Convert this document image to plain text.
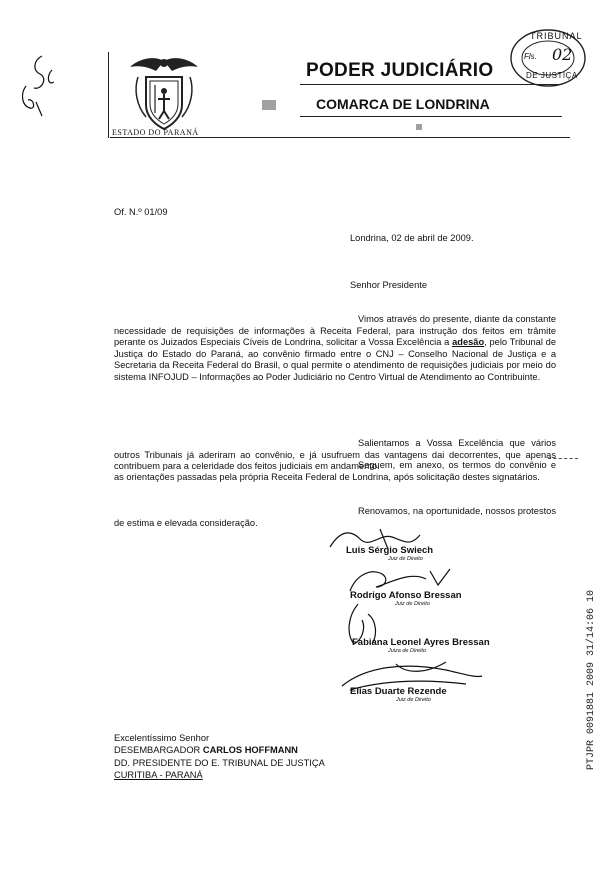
ESTADO DO PARANÁ
PODER JUDICIÁRIO
COMARCA DE LONDRINA
TRIBUNAL
Fls. 02
DE JUSTIÇA
Of. N.º 01/09
Londrina, 02 de abril de 2009.
Senhor Presidente
Vimos através do presente, diante da constante necessidade de requisições de informações à Receita Federal, para instrução dos feitos em trâmite perante os Juizados Especiais Cíveis de Londrina, solicitar a Vossa Excelência a adesão, pelo Tribunal de Justiça do Estado do Paraná, ao convênio firmado entre o CNJ – Conselho Nacional de Justiça e a Secretaria da Receita Federal do Brasil, o qual permite o atendimento de requisições judiciais por meio do sistema INFOJUD – Informações ao Poder Judiciário no Centro Virtual de Atendimento ao Contribuinte.
Salientamos a Vossa Excelência que vários outros Tribunais já aderiram ao convênio, e já usufruem das vantagens dai decorrentes, que apenas contribuem para a celeridade dos feitos judiciais em andamento.
Seguem, em anexo, os termos do convênio e as orientações passadas pela própria Receita Federal de Londrina, após solicitação destes signatários.
Renovamos, na oportunidade, nossos protestos de estima e elevada consideração.
Luis Sérgio Swiech
Juiz de Direito
Rodrigo Afonso Bressan
Juiz de Direito
Fabiana Leonel Ayres Bressan
Juiza de Direito
Elias Duarte Rezende
Juiz de Direito	PTJPR 0091881 2009 31/14:06 10
Excelentíssimo Senhor
DESEMBARGADOR CARLOS HOFFMANN
DD. PRESIDENTE DO E. TRIBUNAL DE JUSTIÇA
CURITIBA - PARANÁ
